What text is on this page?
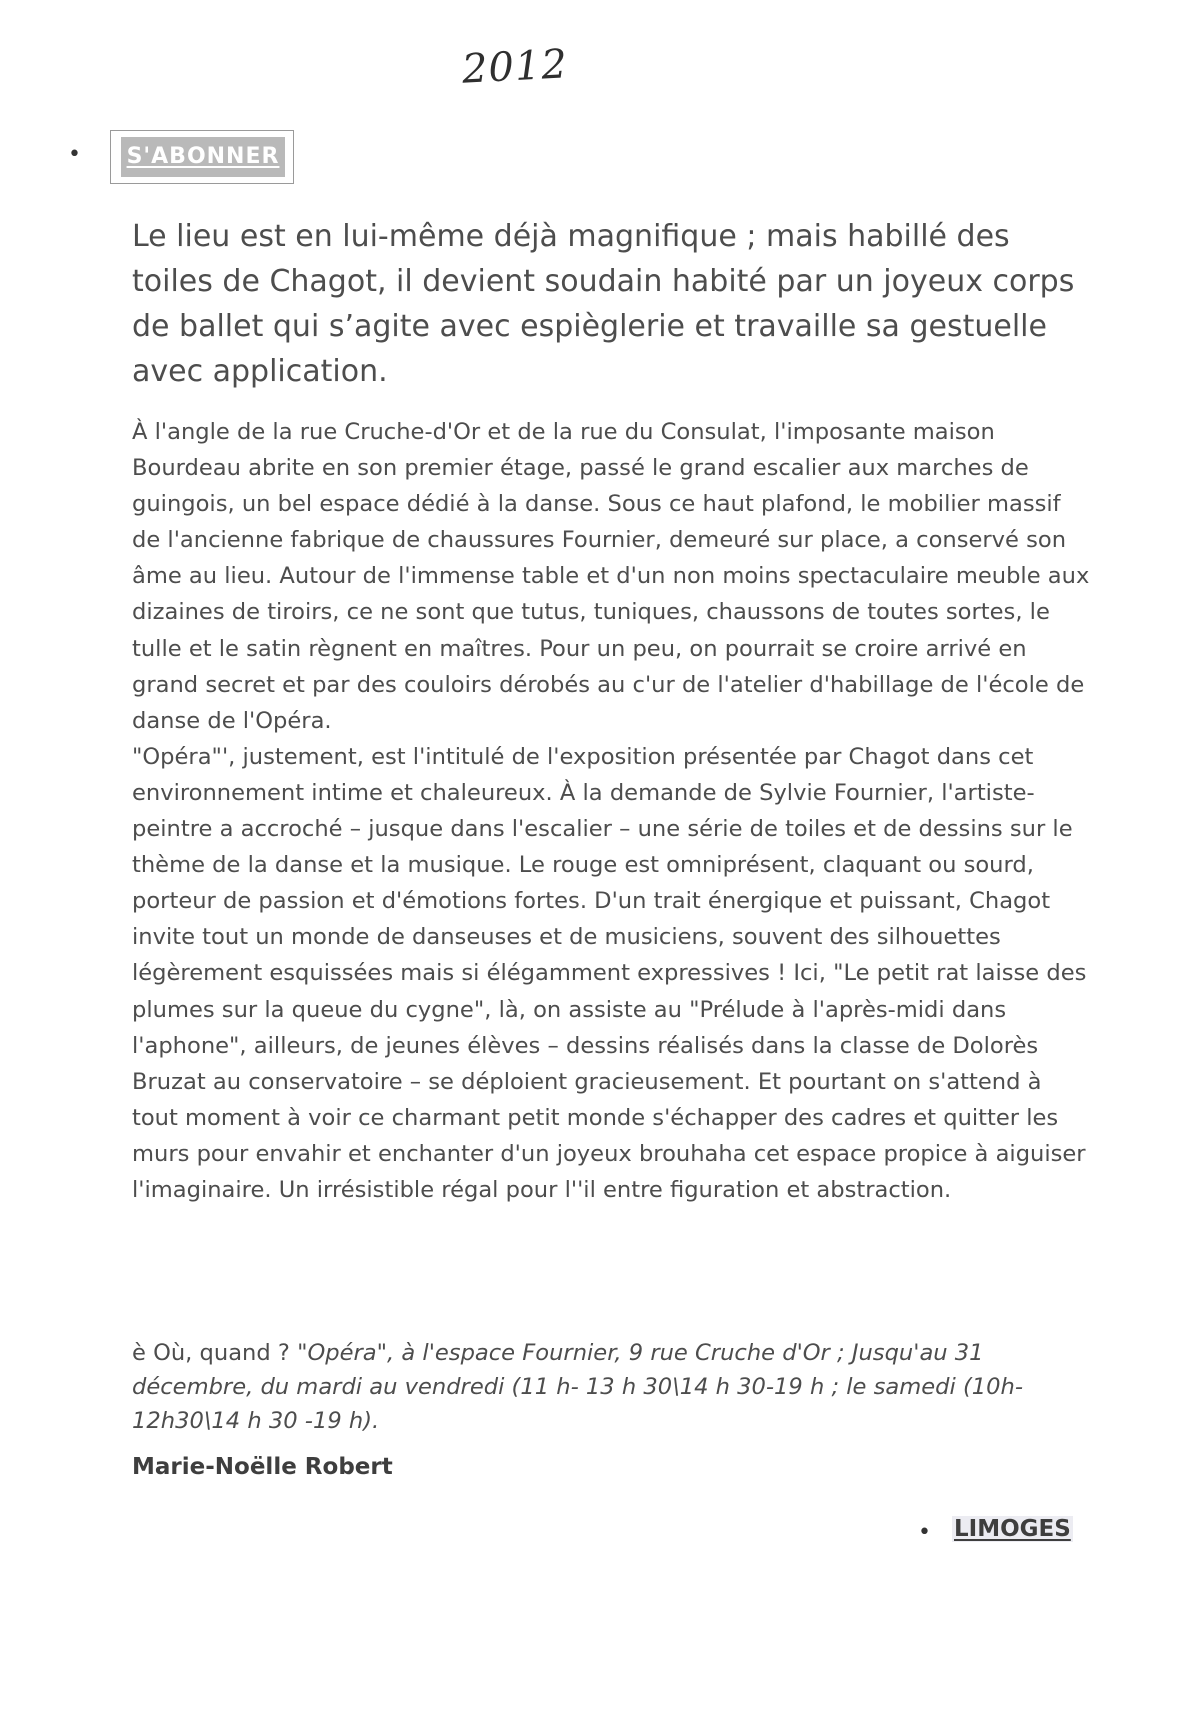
2012
• S'ABONNER

Le lieu est en lui-même déjà magnifique ; mais habillé des toiles de Chagot, il devient soudain habité par un joyeux corps de ballet qui s’agite avec espièglerie et travaille sa gestuelle avec application.

À l'angle de la rue Cruche-d'Or et de la rue du Consulat, l'imposante maison Bourdeau abrite en son premier étage, passé le grand escalier aux marches de guingois, un bel espace dédié à la danse. Sous ce haut plafond, le mobilier massif de l'ancienne fabrique de chaussures Fournier, demeuré sur place, a conservé son âme au lieu. Autour de l'immense table et d'un non moins spectaculaire meuble aux dizaines de tiroirs, ce ne sont que tutus, tuniques, chaussons de toutes sortes, le tulle et le satin règnent en maîtres. Pour un peu, on pourrait se croire arrivé en grand secret et par des couloirs dérobés au c'ur de l'atelier d'habillage de l'école de danse de l'Opéra.

"Opéra"', justement, est l'intitulé de l'exposition présentée par Chagot dans cet environnement intime et chaleureux. À la demande de Sylvie Fournier, l'artiste-peintre a accroché – jusque dans l'escalier – une série de toiles et de dessins sur le thème de la danse et la musique. Le rouge est omniprésent, claquant ou sourd, porteur de passion et d'émotions fortes. D'un trait énergique et puissant, Chagot invite tout un monde de danseuses et de musiciens, souvent des silhouettes légèrement esquissées mais si élégamment expressives ! Ici, "Le petit rat laisse des plumes sur la queue du cygne", là, on assiste au "Prélude à l'après-midi dans l'aphone", ailleurs, de jeunes élèves – dessins réalisés dans la classe de Dolorès Bruzat au conservatoire – se déploient gracieusement. Et pourtant on s'attend à tout moment à voir ce charmant petit monde s'échapper des cadres et quitter les murs pour envahir et enchanter d'un joyeux brouhaha cet espace propice à aiguiser l'imaginaire. Un irrésistible régal pour l''il entre figuration et abstraction.

è Où, quand ? "Opéra", à l'espace Fournier, 9 rue Cruche d'Or ; Jusqu'au 31 décembre, du mardi au vendredi (11 h- 13 h 30\14 h 30-19 h ; le samedi (10h-12h30\14 h 30 -19 h).

Marie-Noëlle Robert

• LIMOGES
